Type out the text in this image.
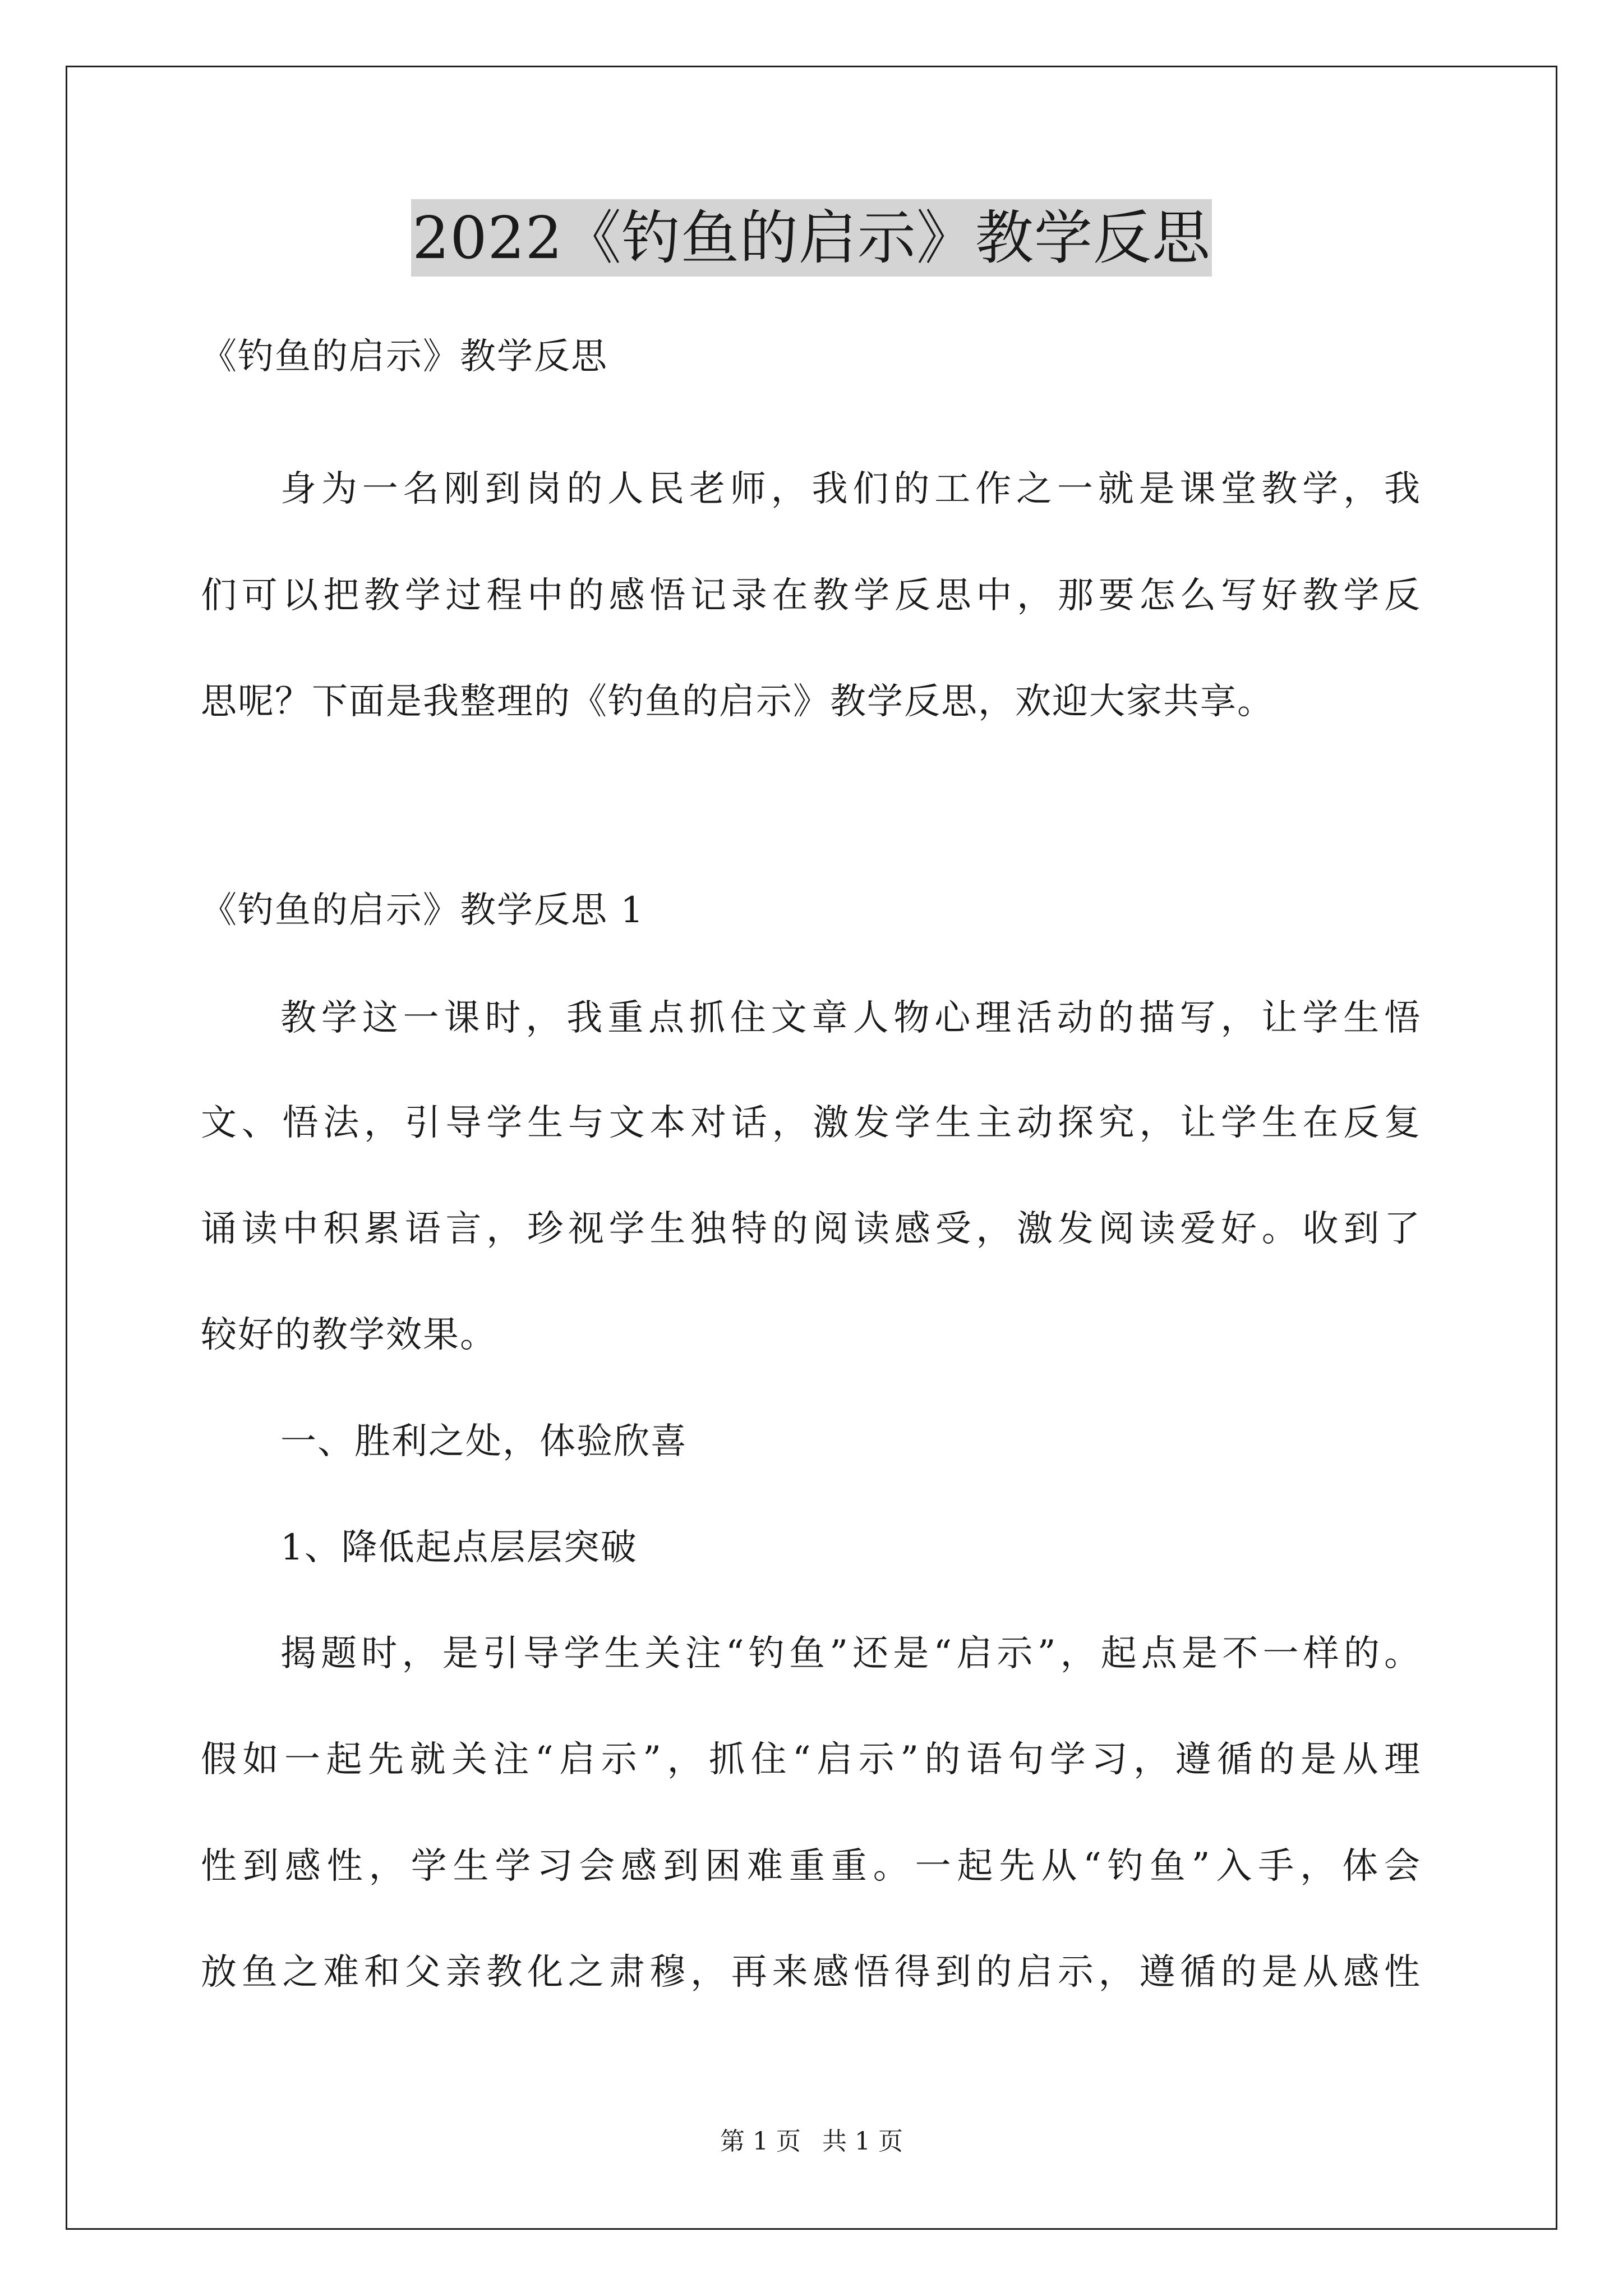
2022《钓鱼的启示》教学反思
《钓鱼的启示》教学反思
身为一名刚到岗的人民老师，我们的工作之一就是课堂教学，我
们可以把教学过程中的感悟记录在教学反思中，那要怎么写好教学反
思呢？下面是我整理的《钓鱼的启示》教学反思，欢迎大家共享。
《钓鱼的启示》教学反思 1
教学这一课时，我重点抓住文章人物心理活动的描写，让学生悟
文、悟法，引导学生与文本对话，激发学生主动探究，让学生在反复
诵读中积累语言，珍视学生独特的阅读感受，激发阅读爱好。收到了
较好的教学效果。
一、胜利之处，体验欣喜
1、降低起点层层突破
揭题时，是引导学生关注“钓鱼”还是“启示”，起点是不一样的。
假如一起先就关注“启示”，抓住“启示”的语句学习，遵循的是从理
性到感性，学生学习会感到困难重重。一起先从“钓鱼”入手，体会
放鱼之难和父亲教化之肃穆，再来感悟得到的启示，遵循的是从感性
第 1 页 共 1 页
